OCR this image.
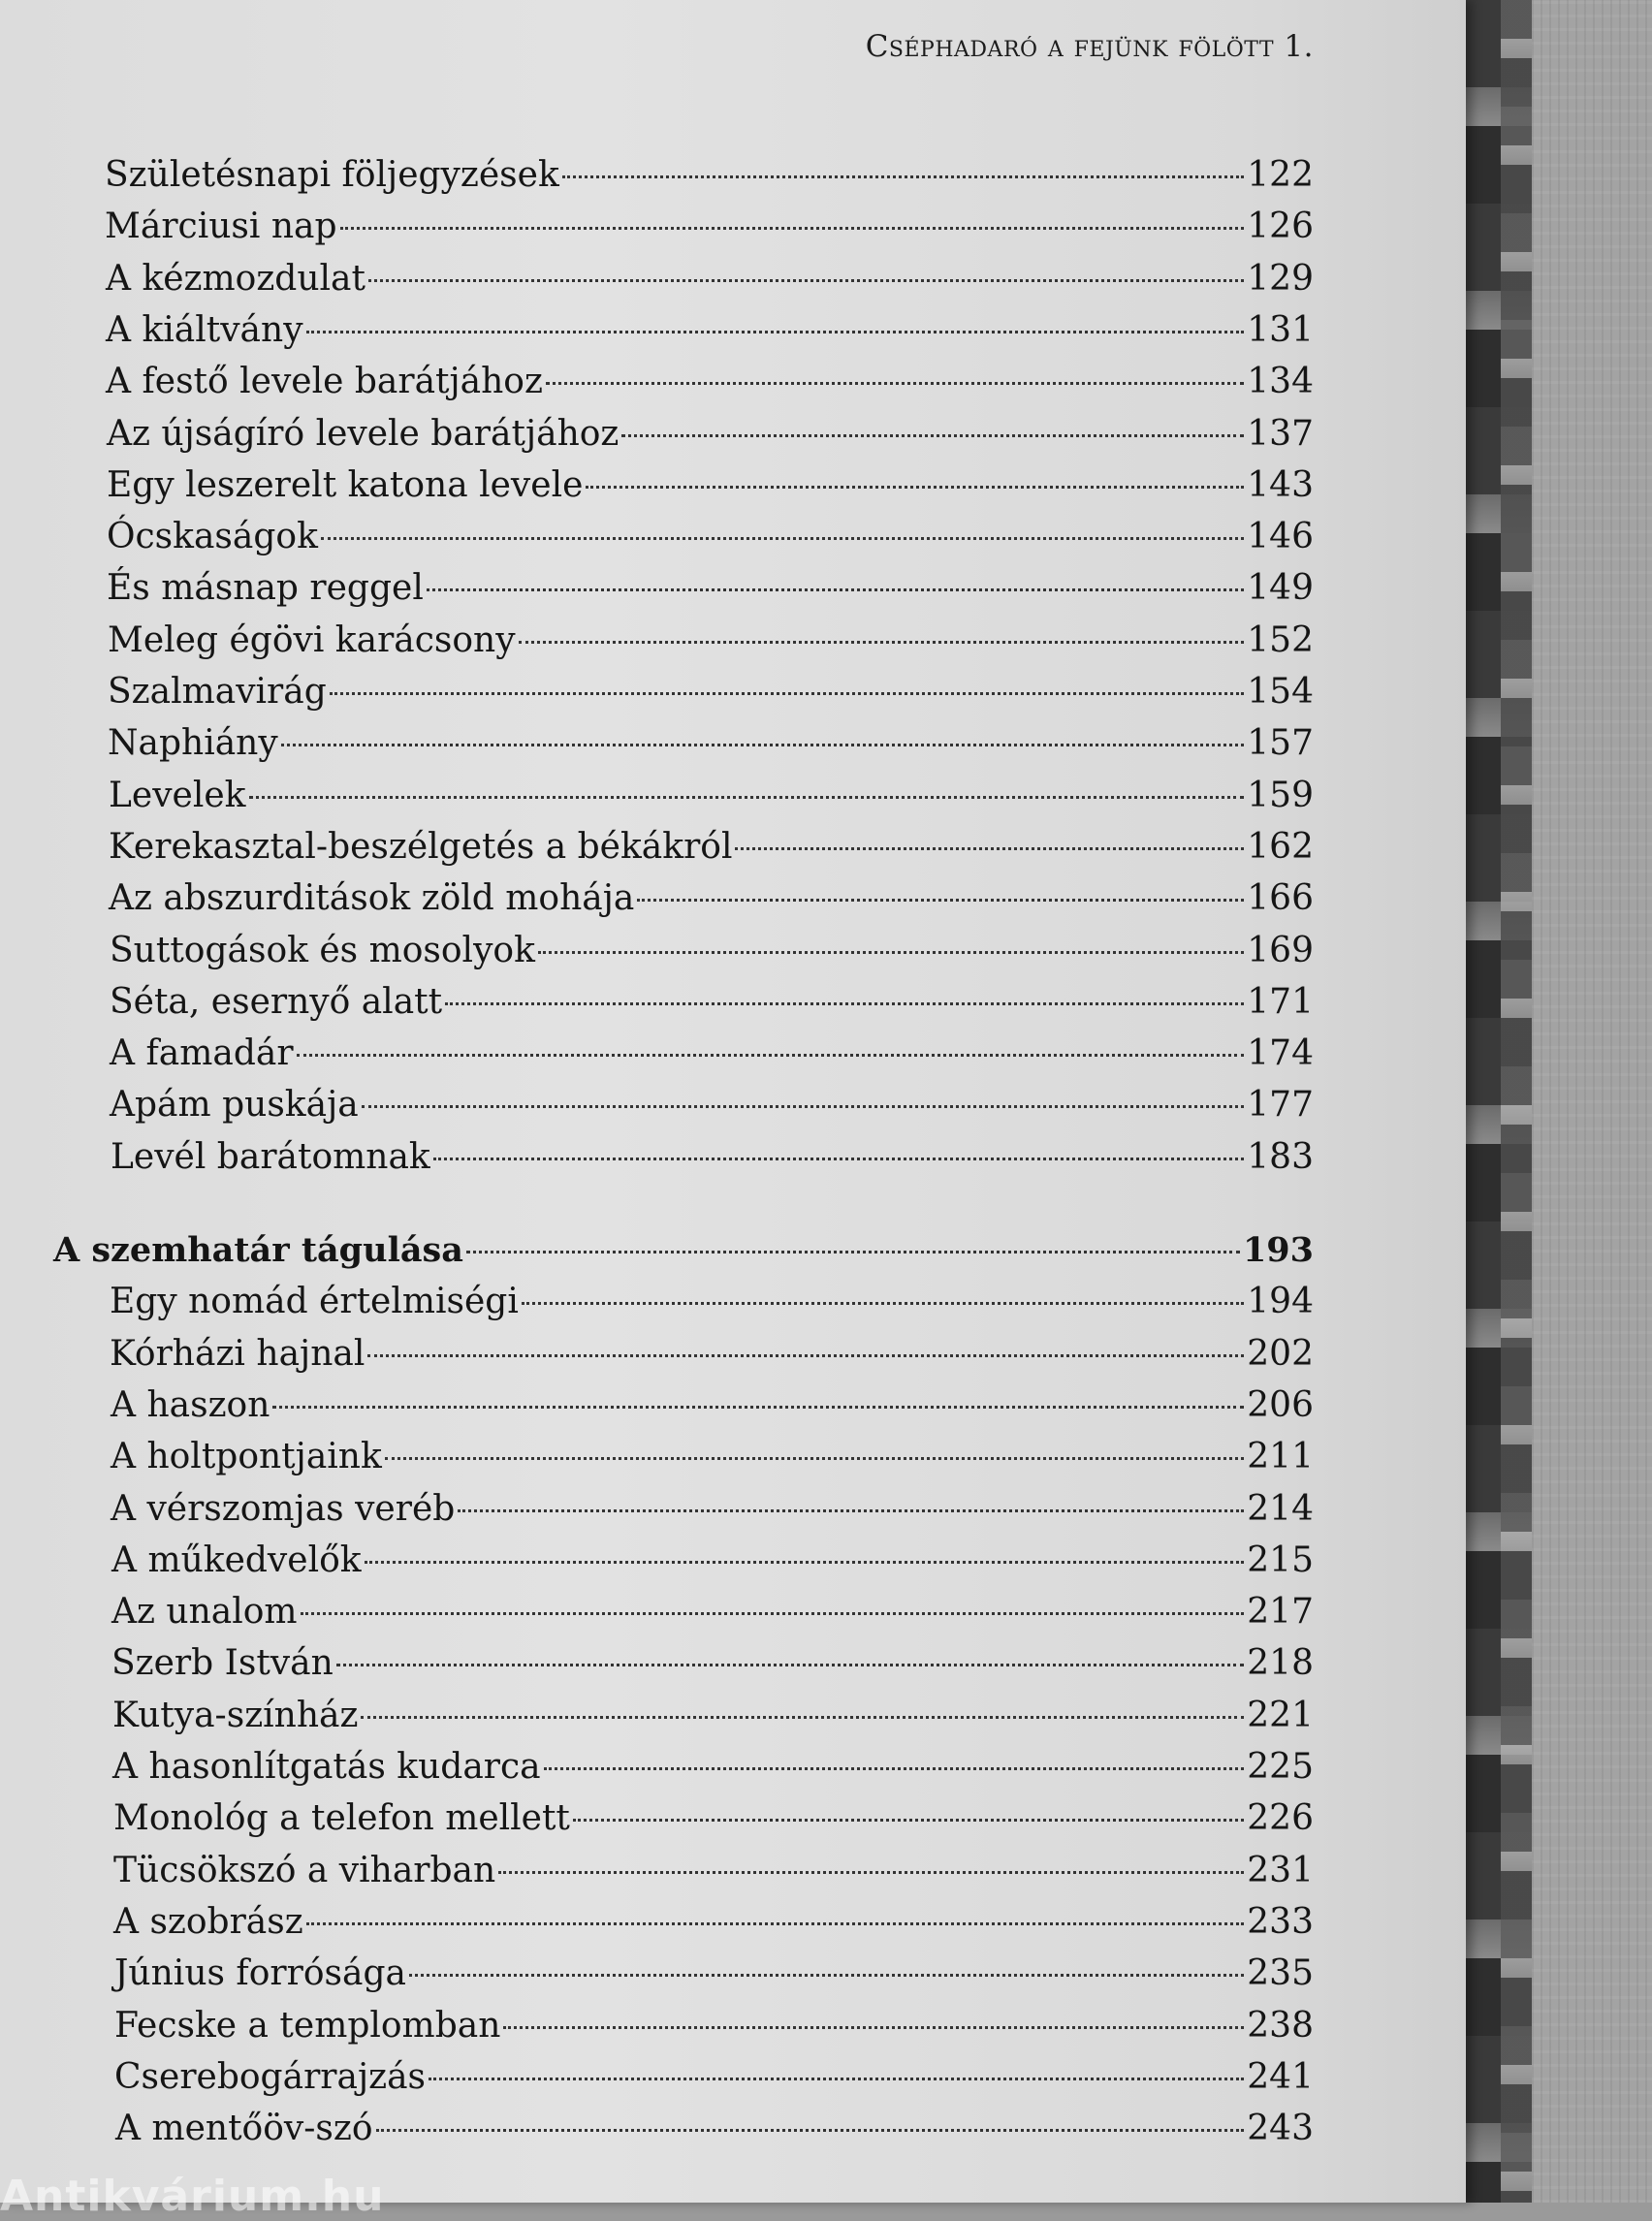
Cséphadaró a fejünk fölött 1.
Születésnapi följegyzések	122
Márciusi nap	126
A kézmozdulat	129
A kiáltvány	131
A festő levele barátjához	134
Az újságíró levele barátjához	137
Egy leszerelt katona levele	143
Ócskaságok	146
És másnap reggel	149
Meleg égövi karácsony	152
Szalmavirág	154
Naphiány	157
Levelek	159
Kerekasztal-beszélgetés a békákról	162
Az abszurditások zöld mohája	166
Suttogások és mosolyok	169
Séta, esernyő alatt	171
A famadár	174
Apám puskája	177
Levél barátomnak	183
A szemhatár tágulása	193
Egy nomád értelmiségi	194
Kórházi hajnal	202
A haszon	206
A holtpontjaink	211
A vérszomjas veréb	214
A műkedvelők	215
Az unalom	217
Szerb István	218
Kutya-színház	221
A hasonlítgatás kudarca	225
Monológ a telefon mellett	226
Tücsökszó a viharban	231
A szobrász	233
Június forrósága	235
Fecske a templomban	238
Cserebogárrajzás	241
A mentőöv-szó	243
Antikvárium.hu
